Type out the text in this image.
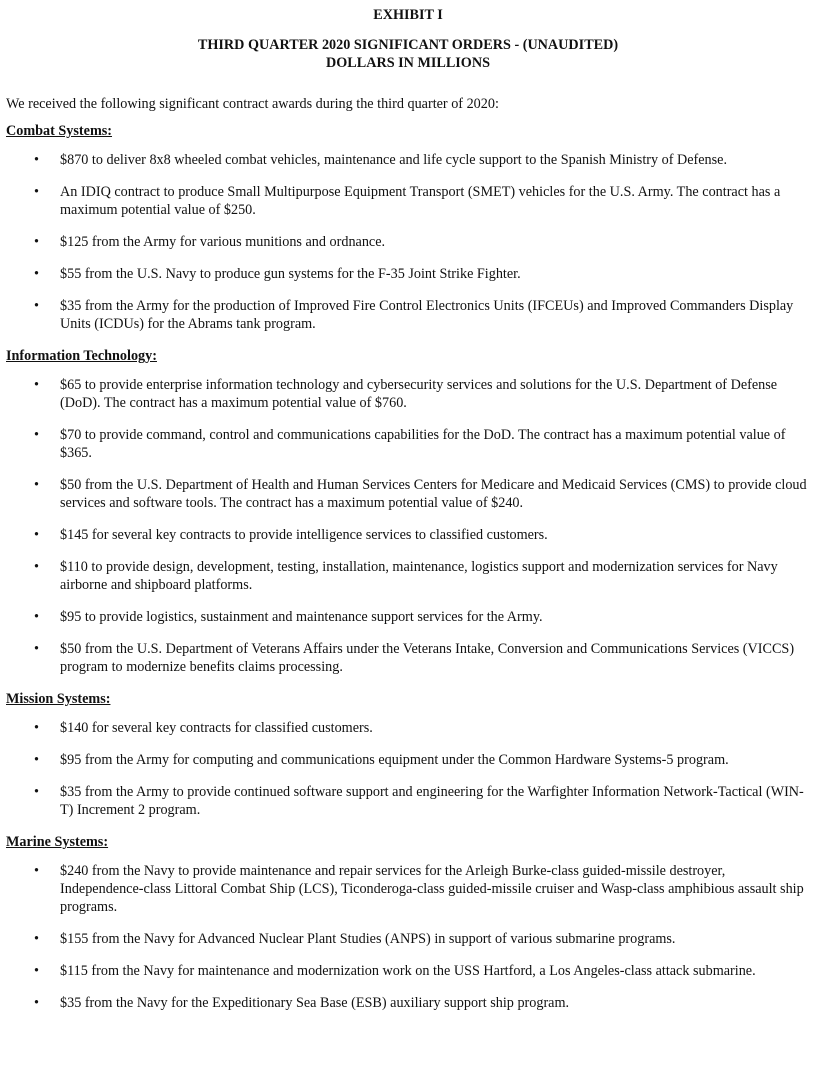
EXHIBIT I
THIRD QUARTER 2020 SIGNIFICANT ORDERS - (UNAUDITED)
DOLLARS IN MILLIONS

We received the following significant contract awards during the third quarter of 2020:

Combat Systems:
• $870 to deliver 8x8 wheeled combat vehicles, maintenance and life cycle support to the Spanish Ministry of Defense.
• An IDIQ contract to produce Small Multipurpose Equipment Transport (SMET) vehicles for the U.S. Army. The contract has a maximum potential value of $250.
• $125 from the Army for various munitions and ordnance.
• $55 from the U.S. Navy to produce gun systems for the F-35 Joint Strike Fighter.
• $35 from the Army for the production of Improved Fire Control Electronics Units (IFCEUs) and Improved Commanders Display Units (ICDUs) for the Abrams tank program.
Information Technology:
• $65 to provide enterprise information technology and cybersecurity services and solutions for the U.S. Department of Defense (DoD). The contract has a maximum potential value of $760.
• $70 to provide command, control and communications capabilities for the DoD. The contract has a maximum potential value of $365.
• $50 from the U.S. Department of Health and Human Services Centers for Medicare and Medicaid Services (CMS) to provide cloud services and software tools. The contract has a maximum potential value of $240.
• $145 for several key contracts to provide intelligence services to classified customers.
• $110 to provide design, development, testing, installation, maintenance, logistics support and modernization services for Navy airborne and shipboard platforms.
• $95 to provide logistics, sustainment and maintenance support services for the Army.
• $50 from the U.S. Department of Veterans Affairs under the Veterans Intake, Conversion and Communications Services (VICCS) program to modernize benefits claims processing.
Mission Systems:
• $140 for several key contracts for classified customers.
• $95 from the Army for computing and communications equipment under the Common Hardware Systems-5 program.
• $35 from the Army to provide continued software support and engineering for the Warfighter Information Network-Tactical (WIN-T) Increment 2 program.
Marine Systems:
• $240 from the Navy to provide maintenance and repair services for the Arleigh Burke-class guided-missile destroyer, Independence-class Littoral Combat Ship (LCS), Ticonderoga-class guided-missile cruiser and Wasp-class amphibious assault ship programs.
• $155 from the Navy for Advanced Nuclear Plant Studies (ANPS) in support of various submarine programs.
• $115 from the Navy for maintenance and modernization work on the USS Hartford, a Los Angeles-class attack submarine.
• $35 from the Navy for the Expeditionary Sea Base (ESB) auxiliary support ship program.
